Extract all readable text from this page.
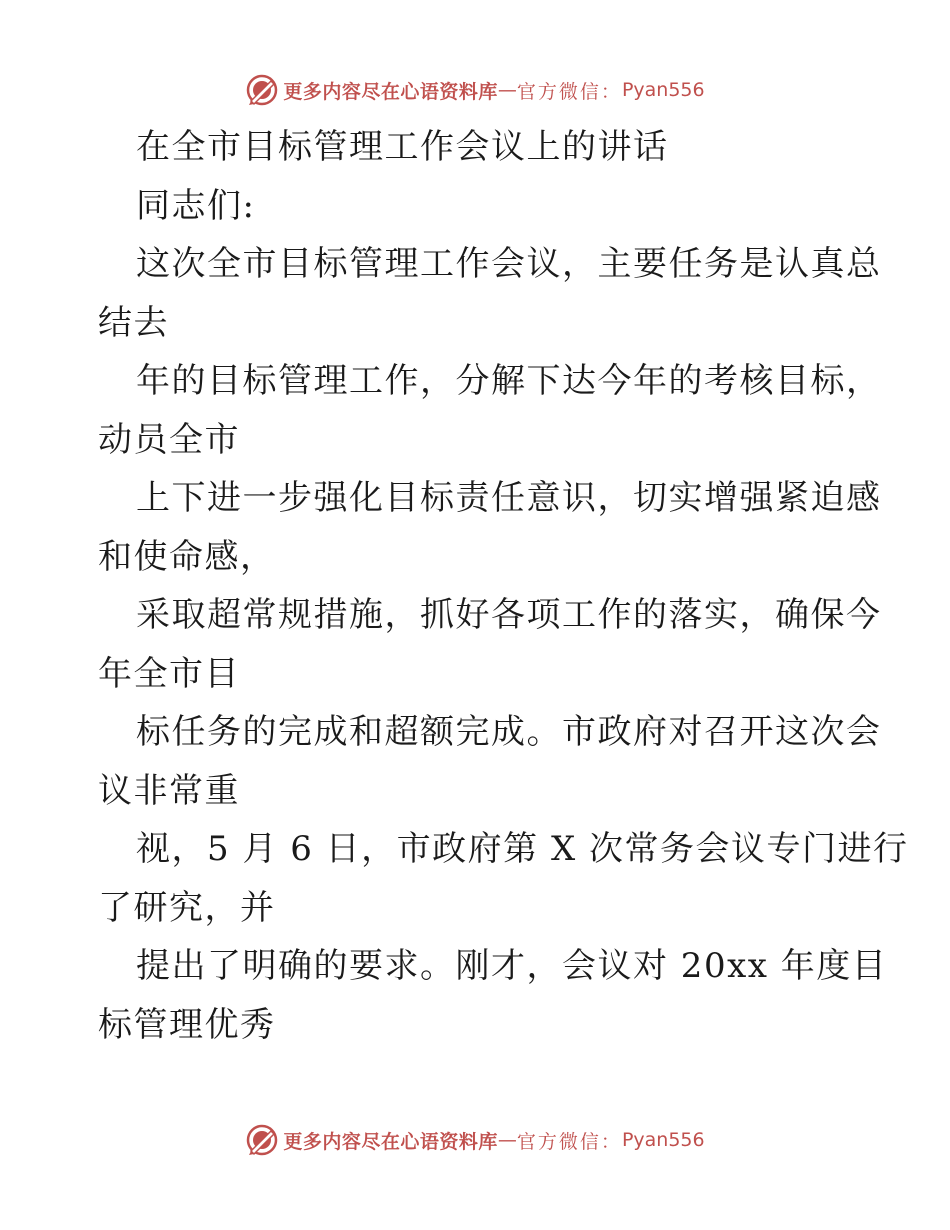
更多内容尽在心语资料库 — 官方微信： Pyan556
在全市目标管理工作会议上的讲话
同志们:
这次全市目标管理工作会议，主要任务是认真总
结去
年的目标管理工作，分解下达今年的考核目标，
动员全市
上下进一步强化目标责任意识，切实增强紧迫感
和使命感，
采取超常规措施，抓好各项工作的落实，确保今
年全市目
标任务的完成和超额完成。市政府对召开这次会
议非常重
视，5 月 6 日，市政府第 X 次常务会议专门进行
了研究，并
提出了明确的要求。刚才，会议对 20xx 年度目
标管理优秀
更多内容尽在心语资料库 — 官方微信： Pyan556
